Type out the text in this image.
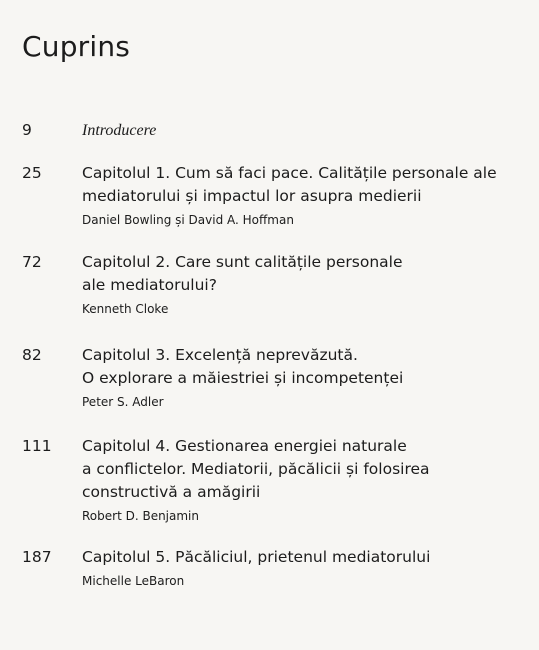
Cuprins
9	Introducere

25	Capitolul 1. Cum să faci pace. Calitățile personale ale
mediatorului și impactul lor asupra medierii

Daniel Bowling și David A. Hoffman
72	Capitolul 2. Care sunt calitățile personale
ale mediatorului?

Kenneth Cloke
82	Capitolul 3. Excelență neprevăzută.
O explorare a măiestriei și incompetenței

Peter S. Adler
111 Capitolul 4. Gestionarea energiei naturale
a conflictelor. Mediatorii, păcălicii și folosirea
constructivă a amăgirii

Robert D. Benjamin
187 Capitolul 5. Păcăliciul, prietenul mediatorului

Michelle LeBaron
